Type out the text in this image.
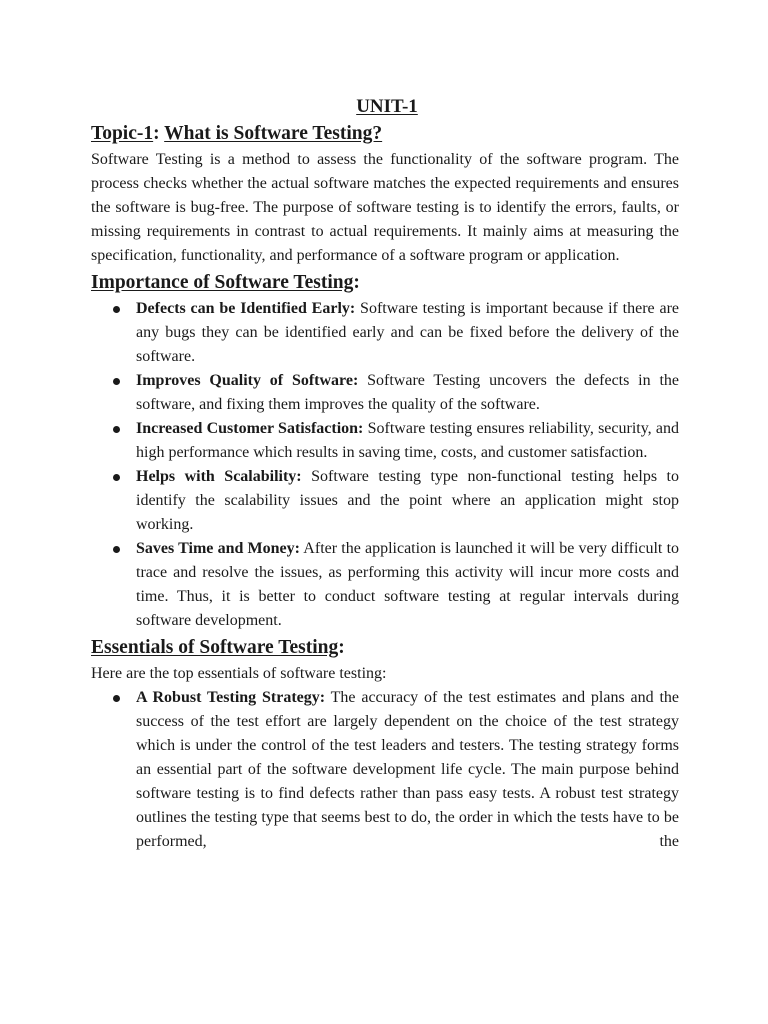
UNIT-1
Topic-1: What is Software Testing?

Software Testing is a method to assess the functionality of the software program. The process checks whether the actual software matches the expected requirements and ensures the software is bug-free. The purpose of software testing is to identify the errors, faults, or missing requirements in contrast to actual requirements. It mainly aims at measuring the specification, functionality, and performance of a software program or application.

Importance of Software Testing:
Defects can be Identified Early: Software testing is important because if there are any bugs they can be identified early and can be fixed before the delivery of the software.
Improves Quality of Software: Software Testing uncovers the defects in the software, and fixing them improves the quality of the software.
Increased Customer Satisfaction: Software testing ensures reliability, security, and high performance which results in saving time, costs, and customer satisfaction.
Helps with Scalability: Software testing type non-functional testing helps to identify the scalability issues and the point where an application might stop working.
Saves Time and Money: After the application is launched it will be very difficult to trace and resolve the issues, as performing this activity will incur more costs and time. Thus, it is better to conduct software testing at regular intervals during software development.
Essentials of Software Testing:

Here are the top essentials of software testing:

A Robust Testing Strategy: The accuracy of the test estimates and plans and the success of the test effort are largely dependent on the choice of the test strategy which is under the control of the test leaders and testers. The testing strategy forms an essential part of the software development life cycle. The main purpose behind software testing is to find defects rather than pass easy tests. A robust test strategy outlines the testing type that seems best to do, the order in which the tests have to be performed, the
